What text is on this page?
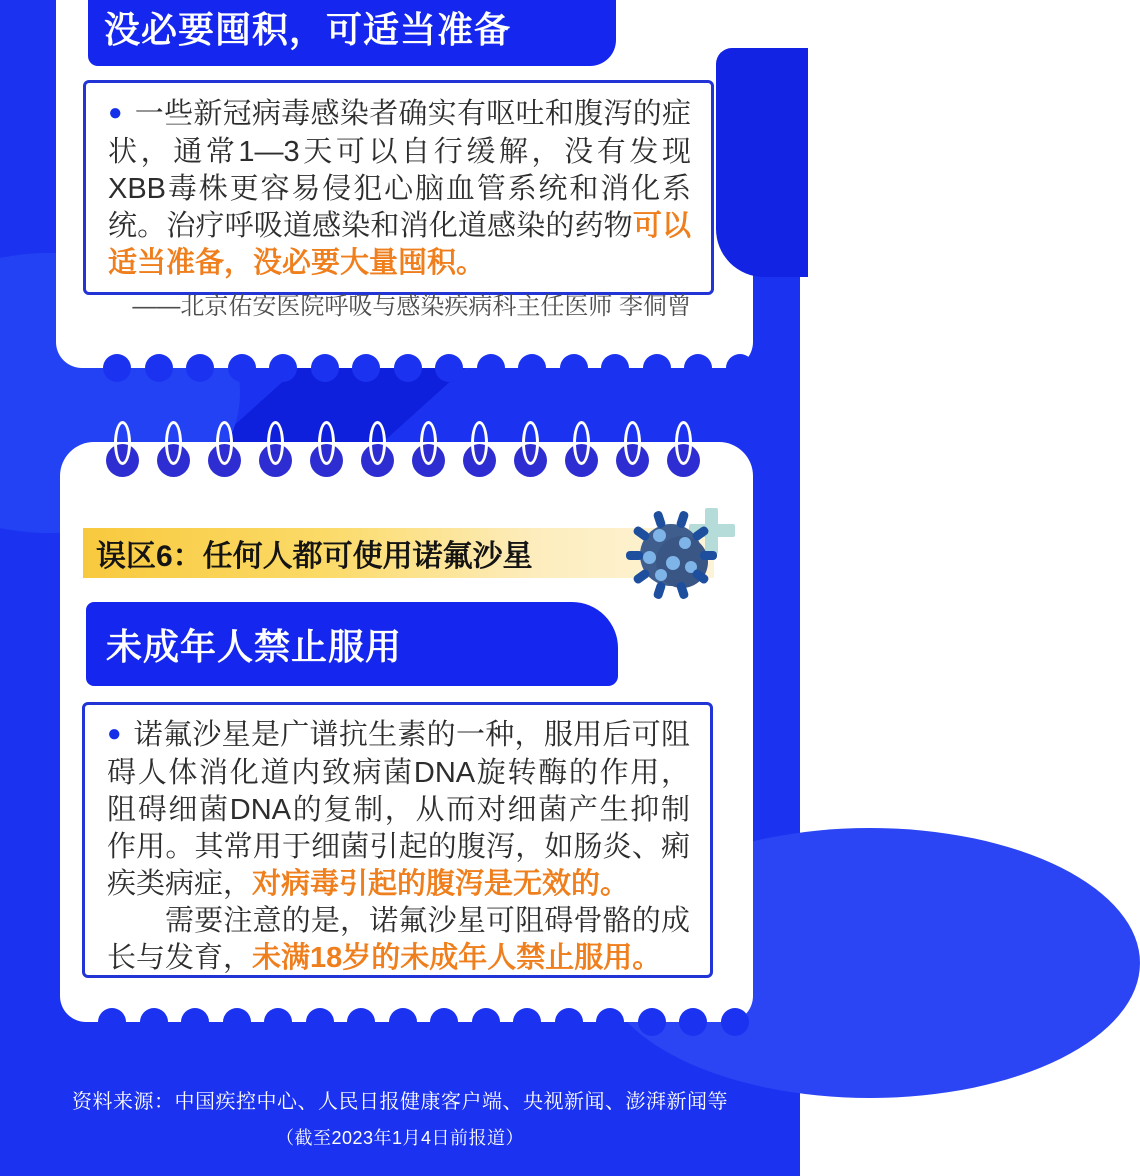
没必要囤积，可适当准备

● 一些新冠病毒感染者确实有呕吐和腹泻的症状，通常1—3天可以自行缓解，没有发现XBB毒株更容易侵犯心脑血管系统和消化系统。治疗呼吸道感染和消化道感染的药物可以适当准备，没必要大量囤积。

——北京佑安医院呼吸与感染疾病科主任医师 李侗曾

误区6：任何人都可使用诺氟沙星
未成年人禁止服用

● 诺氟沙星是广谱抗生素的一种，服用后可阻碍人体消化道内致病菌DNA旋转酶的作用，阻碍细菌DNA的复制，从而对细菌产生抑制作用。其常用于细菌引起的腹泻，如肠炎、痢疾类病症，对病毒引起的腹泻是无效的。

需要注意的是，诺氟沙星可阻碍骨骼的成长与发育，未满18岁的未成年人禁止服用。

资料来源：中国疾控中心、人民日报健康客户端、央视新闻、澎湃新闻等
（截至2023年1月4日前报道）
